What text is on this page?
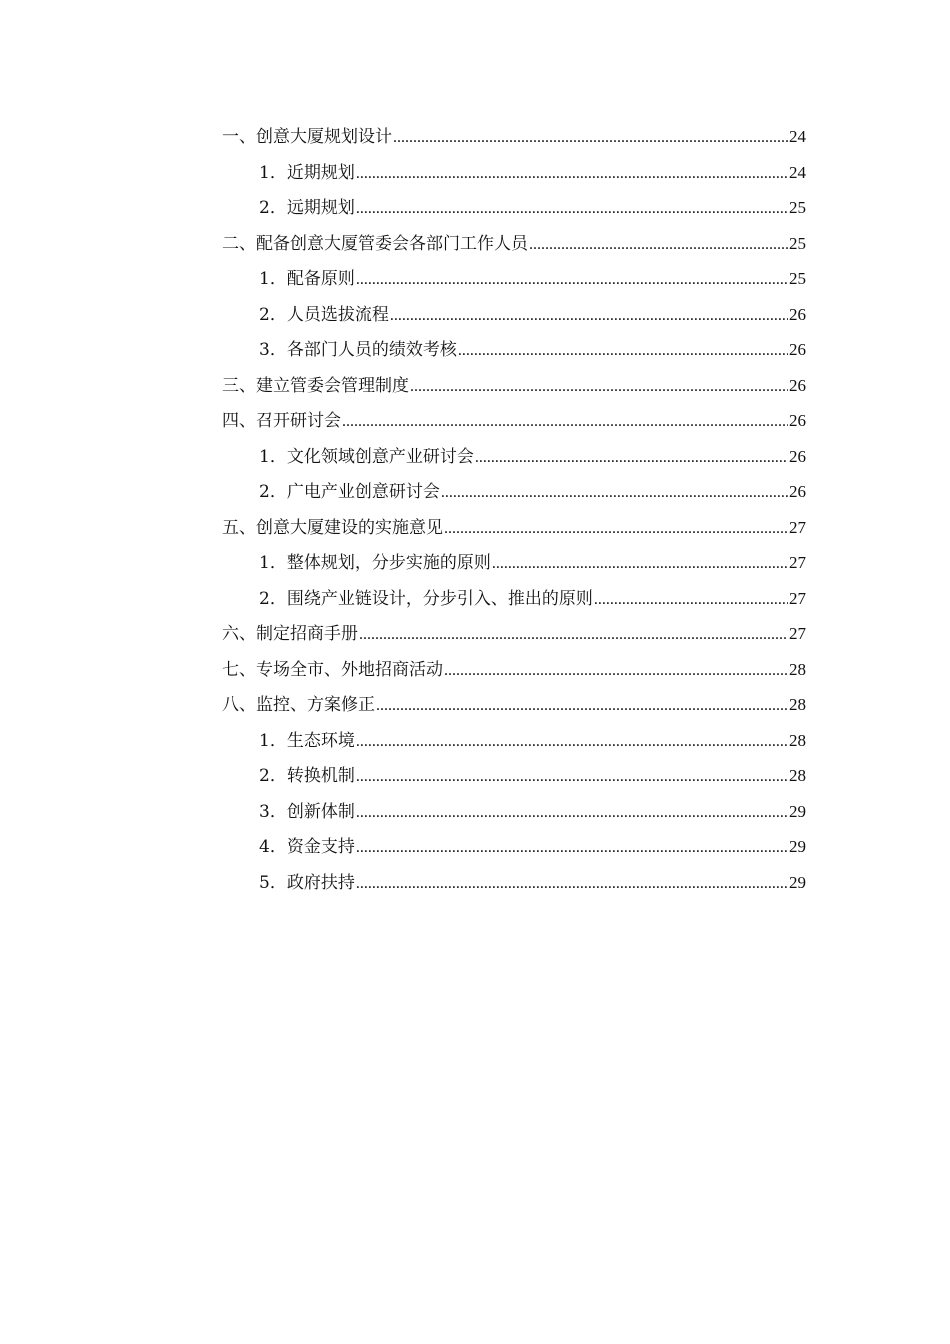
一、 创意大厦规划设计 .....	24
1． 近期规划 .....	24
2． 远期规划 .....	25
二、 配备创意大厦管委会各部门工作人员 .....	25
1． 配备原则 .....	25
2． 人员选拔流程 .....	26
3． 各部门人员的绩效考核 .....	26
三、 建立管委会管理制度 .....	26
四、 召开研讨会 .....	26
1． 文化领域创意产业研讨会 .....	26
2． 广电产业创意研讨会 .....	26
五、 创意大厦建设的实施意见 .....	27
1． 整体规划，分步实施的原则 .....	27
2． 围绕产业链设计，分步引入、推出的原则 .....	27
六、 制定招商手册 .....	27
七、 专场全市、外地招商活动 .....	28
八、 监控、方案修正 .....	28
1． 生态环境 .....	28
2． 转换机制 .....	28
3． 创新体制 .....	29
4． 资金支持 .....	29
5． 政府扶持 .....	29
